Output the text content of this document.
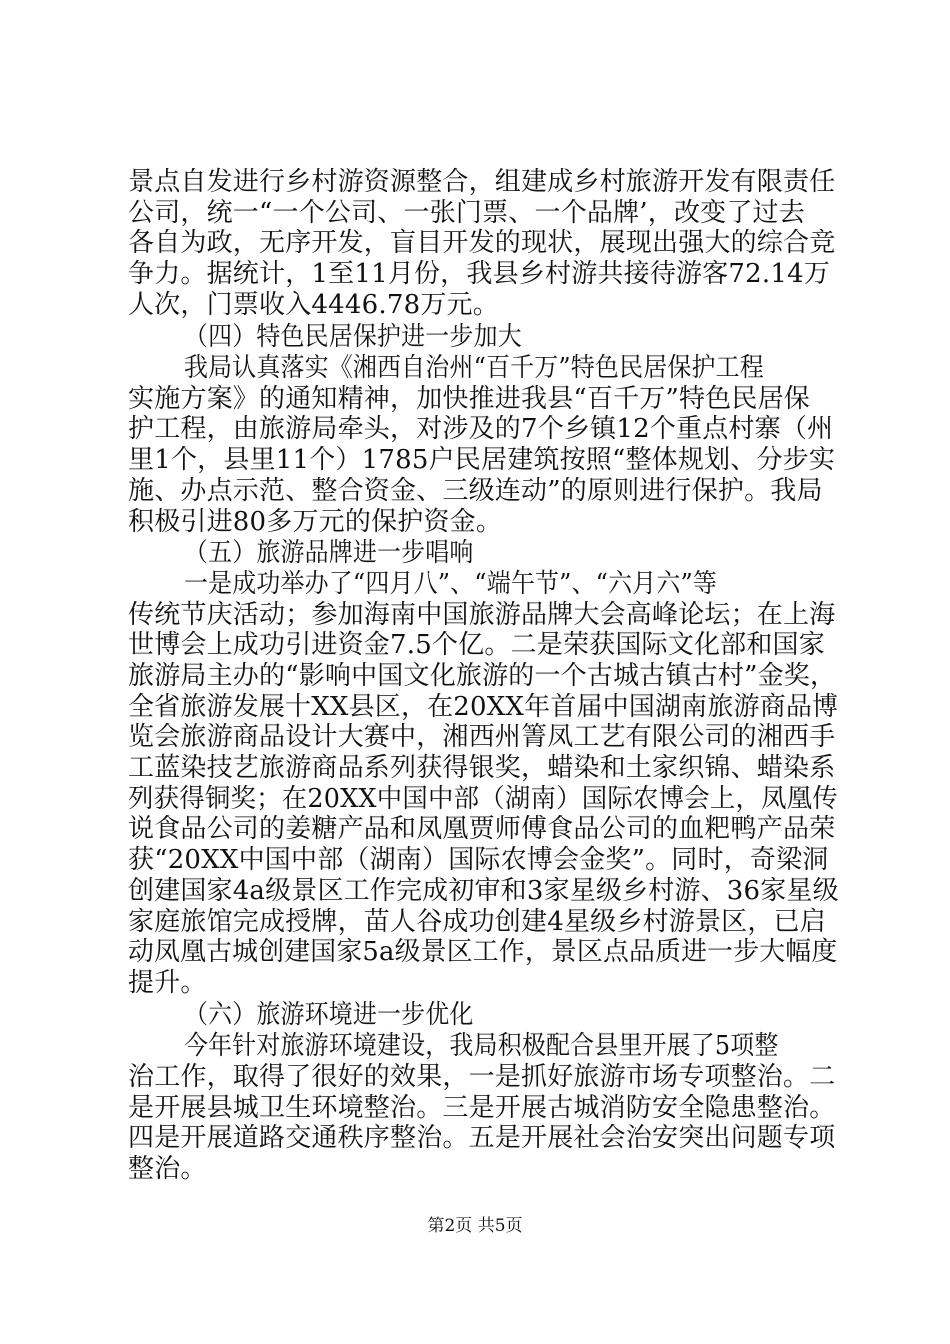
景点自发进行乡村游资源整合，组建成乡村旅游开发有限责任
公司，统一“一个公司、一张门票、一个品牌’，改变了过去
各自为政，无序开发，盲目开发的现状，展现出强大的综合竞
争力。据统计，1至11月份，我县乡村游共接待游客72.14万
人次，门票收入4446.78万元。
（四）特色民居保护进一步加大
我局认真落实《湘西自治州“百千万”特色民居保护工程
实施方案》的通知精神，加快推进我县“百千万”特色民居保
护工程，由旅游局牵头，对涉及的7个乡镇12个重点村寨（州
里1个，县里11个）1785户民居建筑按照“整体规划、分步实
施、办点示范、整合资金、三级连动”的原则进行保护。我局
积极引进80多万元的保护资金。
（五）旅游品牌进一步唱响
一是成功举办了“四月八”、“端午节”、“六月六”等
传统节庆活动；参加海南中国旅游品牌大会高峰论坛；在上海
世博会上成功引进资金7.5个亿。二是荣获国际文化部和国家
旅游局主办的“影响中国文化旅游的一个古城古镇古村”金奖，
全省旅游发展十XX县区，在20XX年首届中国湖南旅游商品博
览会旅游商品设计大赛中，湘西州箐凤工艺有限公司的湘西手
工蓝染技艺旅游商品系列获得银奖，蜡染和土家织锦、蜡染系
列获得铜奖；在20XX中国中部（湖南）国际农博会上，凤凰传
说食品公司的姜糖产品和凤凰贾师傅食品公司的血粑鸭产品荣
获“20XX中国中部（湖南）国际农博会金奖”。同时，奇梁洞
创建国家4a级景区工作完成初审和3家星级乡村游、36家星级
家庭旅馆完成授牌，苗人谷成功创建4星级乡村游景区，已启
动凤凰古城创建国家5a级景区工作，景区点品质进一步大幅度
提升。
（六）旅游环境进一步优化
今年针对旅游环境建设，我局积极配合县里开展了5项整
治工作，取得了很好的效果，一是抓好旅游市场专项整治。二
是开展县城卫生环境整治。三是开展古城消防安全隐患整治。
四是开展道路交通秩序整治。五是开展社会治安突出问题专项
整治。
第2页 共5页
